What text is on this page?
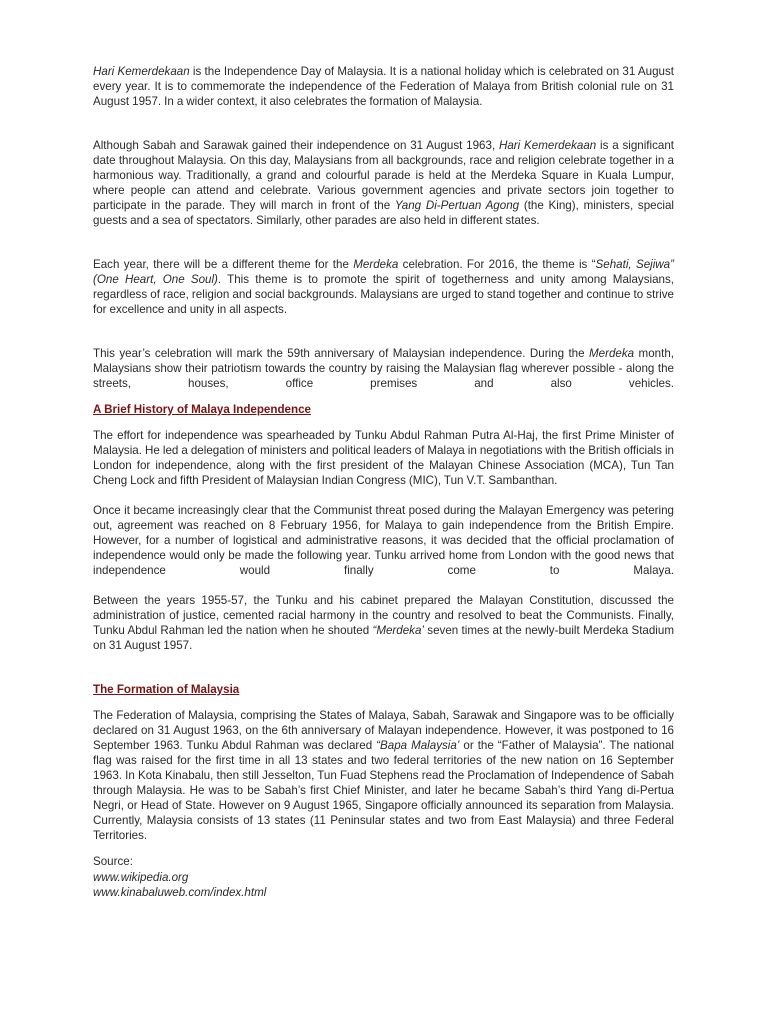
Hari Kemerdekaan is the Independence Day of Malaysia. It is a national holiday which is celebrated on 31 August every year. It is to commemorate the independence of the Federation of Malaya from British colonial rule on 31 August 1957. In a wider context, it also celebrates the formation of Malaysia.

Although Sabah and Sarawak gained their independence on 31 August 1963, Hari Kemerdekaan is a significant date throughout Malaysia. On this day, Malaysians from all backgrounds, race and religion celebrate together in a harmonious way. Traditionally, a grand and colourful parade is held at the Merdeka Square in Kuala Lumpur, where people can attend and celebrate. Various government agencies and private sectors join together to participate in the parade. They will march in front of the Yang Di-Pertuan Agong (the King), ministers, special guests and a sea of spectators. Similarly, other parades are also held in different states.

Each year, there will be a different theme for the Merdeka celebration. For 2016, the theme is “Sehati, Sejiwa” (One Heart, One Soul). This theme is to promote the spirit of togetherness and unity among Malaysians, regardless of race, religion and social backgrounds. Malaysians are urged to stand together and continue to strive for excellence and unity in all aspects.

This year’s celebration will mark the 59th anniversary of Malaysian independence. During the Merdeka month, Malaysians show their patriotism towards the country by raising the Malaysian flag wherever possible - along the streets, houses, office premises and also vehicles.

A Brief History of Malaya Independence

The effort for independence was spearheaded by Tunku Abdul Rahman Putra Al-Haj, the first Prime Minister of Malaysia. He led a delegation of ministers and political leaders of Malaya in negotiations with the British officials in London for independence, along with the first president of the Malayan Chinese Association (MCA), Tun Tan Cheng Lock and fifth President of Malaysian Indian Congress (MIC), Tun V.T. Sambanthan.

Once it became increasingly clear that the Communist threat posed during the Malayan Emergency was petering out, agreement was reached on 8 February 1956, for Malaya to gain independence from the British Empire. However, for a number of logistical and administrative reasons, it was decided that the official proclamation of independence would only be made the following year. Tunku arrived home from London with the good news that independence would finally come to Malaya.

Between the years 1955-57, the Tunku and his cabinet prepared the Malayan Constitution, discussed the administration of justice, cemented racial harmony in the country and resolved to beat the Communists. Finally, Tunku Abdul Rahman led the nation when he shouted “Merdeka’ seven times at the newly-built Merdeka Stadium on 31 August 1957.

The Formation of Malaysia

The Federation of Malaysia, comprising the States of Malaya, Sabah, Sarawak and Singapore was to be officially declared on 31 August 1963, on the 6th anniversary of Malayan independence. However, it was postponed to 16 September 1963. Tunku Abdul Rahman was declared “Bapa Malaysia’ or the “Father of Malaysia”. The national flag was raised for the first time in all 13 states and two federal territories of the new nation on 16 September 1963. In Kota Kinabalu, then still Jesselton, Tun Fuad Stephens read the Proclamation of Independence of Sabah through Malaysia. He was to be Sabah’s first Chief Minister, and later he became Sabah’s third Yang di-Pertua Negri, or Head of State. However on 9 August 1965, Singapore officially announced its separation from Malaysia. Currently, Malaysia consists of 13 states (11 Peninsular states and two from East Malaysia) and three Federal Territories.

Source:
www.wikipedia.org
www.kinabaluweb.com/index.html
